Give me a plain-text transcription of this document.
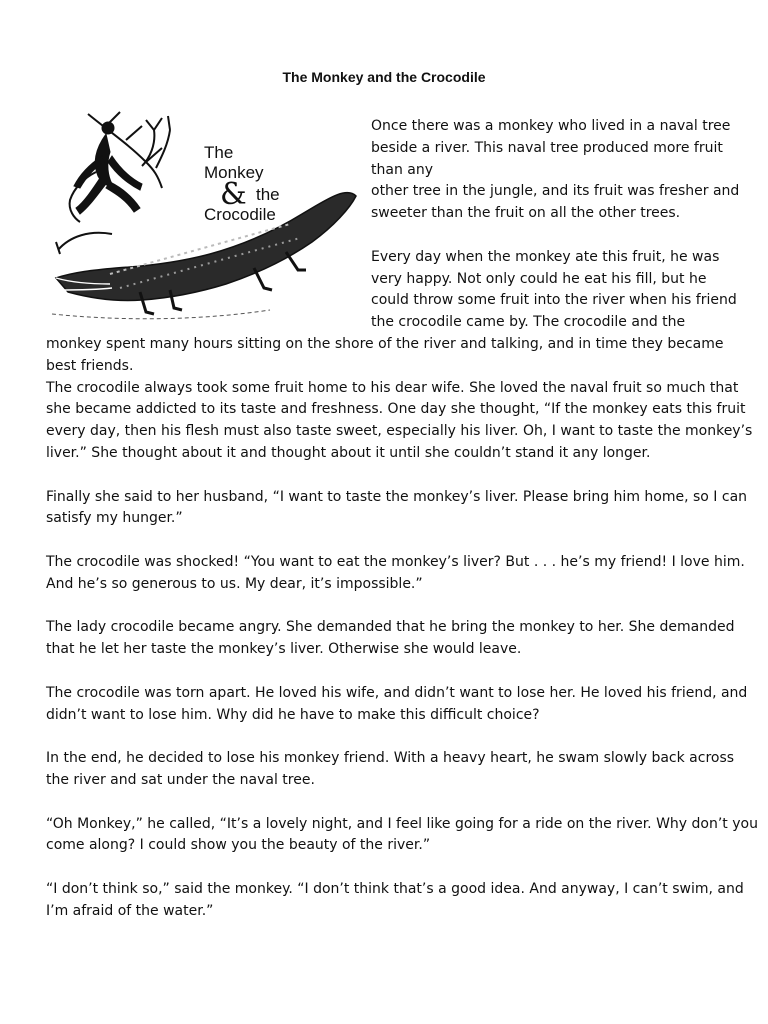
The Monkey and the Crocodile
The
Monkey
& the
Crocodile
Once there was a monkey who lived in a naval tree
beside a river. This naval tree produced more fruit
than any
other tree in the jungle, and its fruit was fresher and
sweeter than the fruit on all the other trees.

Every day when the monkey ate this fruit, he was
very happy. Not only could he eat his fill, but he
could throw some fruit into the river when his friend
the crocodile came by. The crocodile and the
monkey spent many hours sitting on the shore of the river and talking, and in time they became
best friends.
The crocodile always took some fruit home to his dear wife. She loved the naval fruit so much that
she became addicted to its taste and freshness. One day she thought, “If the monkey eats this fruit
every day, then his flesh must also taste sweet, especially his liver. Oh, I want to taste the monkey’s
liver.” She thought about it and thought about it until she couldn’t stand it any longer.

Finally she said to her husband, “I want to taste the monkey’s liver. Please bring him home, so I can
satisfy my hunger.”

The crocodile was shocked! “You want to eat the monkey’s liver? But . . . he’s my friend! I love him.
And he’s so generous to us. My dear, it’s impossible.”

The lady crocodile became angry. She demanded that he bring the monkey to her. She demanded
that he let her taste the monkey’s liver. Otherwise she would leave.

The crocodile was torn apart. He loved his wife, and didn’t want to lose her. He loved his friend, and
didn’t want to lose him. Why did he have to make this difficult choice?

In the end, he decided to lose his monkey friend. With a heavy heart, he swam slowly back across
the river and sat under the naval tree.

“Oh Monkey,” he called, “It’s a lovely night, and I feel like going for a ride on the river. Why don’t you
come along? I could show you the beauty of the river.”

“I don’t think so,” said the monkey. “I don’t think that’s a good idea. And anyway, I can’t swim, and
I’m afraid of the water.”
